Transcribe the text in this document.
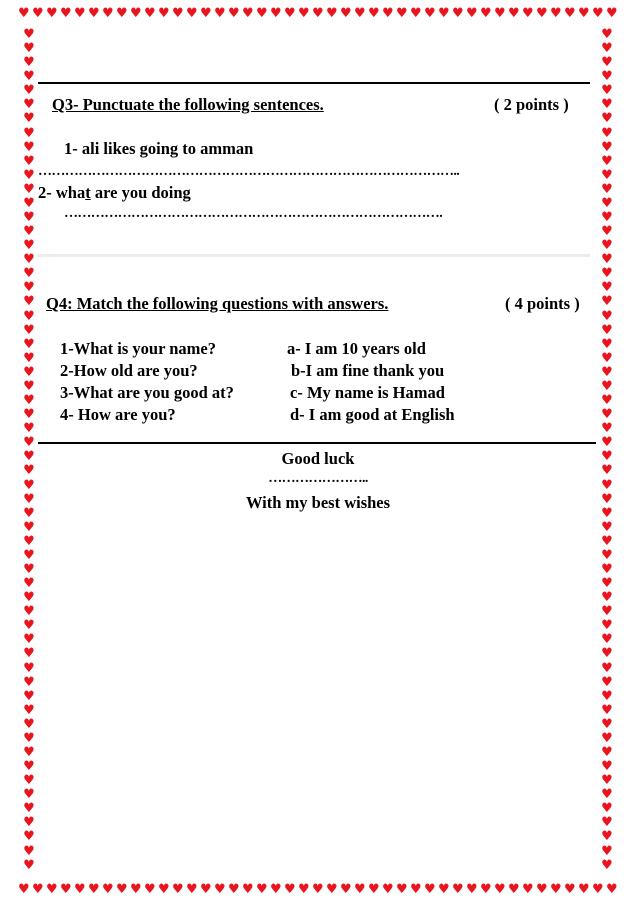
♥ ♥ ♥ ♥ ♥ ♥ ♥ ♥ ♥ ♥ ♥ ♥ ♥ ♥ ♥ ♥ ♥ ♥ ♥ ♥ ♥ ♥ ♥ ♥ ♥ ♥ ♥ ♥ ♥ ♥ ♥ ♥ ♥ ♥ ♥ ♥ ♥ ♥ ♥ ♥ ♥ ♥ ♥
♥ ♥ ♥ ♥ ♥ ♥ ♥ ♥ ♥ ♥ ♥ ♥ ♥ ♥ ♥ ♥ ♥ ♥ ♥ ♥ ♥ ♥ ♥ ♥ ♥ ♥ ♥ ♥ ♥ ♥ ♥ ♥ ♥ ♥ ♥ ♥ ♥ ♥ ♥ ♥ ♥ ♥ ♥
♥
♥
♥
♥
♥
♥
♥
♥
♥
♥
♥
♥
♥
♥
♥
♥
♥
♥
♥
♥
♥
♥
♥
♥
♥
♥
♥
♥
♥
♥
♥
♥
♥
♥
♥
♥
♥
♥
♥
♥
♥
♥
♥
♥
♥
♥
♥
♥
♥
♥
♥
♥
♥
♥
♥
♥
♥
♥
♥
♥
♥
♥
♥
♥
♥
♥
♥
♥
♥
♥
♥
♥
♥
♥
♥
♥
♥
♥
♥
♥
♥
♥
♥
♥
♥
♥
♥
♥
♥
♥
♥
♥
♥
♥
♥
♥
♥
♥
♥
♥
♥
♥
♥
♥
♥
♥
♥
♥
♥
♥
♥
♥
♥
♥
♥
♥
♥
♥
♥
♥
Q3- Punctuate the following sentences.	( 2 points )
1- ali likes going to amman
…………………………………………………………………………………..
2- what are you doing
………………………………………………………………………….
Q4: Match the following questions with answers.	( 4 points )
1-What is your name?
2-How old are you?
3-What are you good at?
4- How are you?
a- I am 10 years old
b-I am fine thank you
c- My name is Hamad
d- I am good at English
Good luck
…………………..
With my best wishes
